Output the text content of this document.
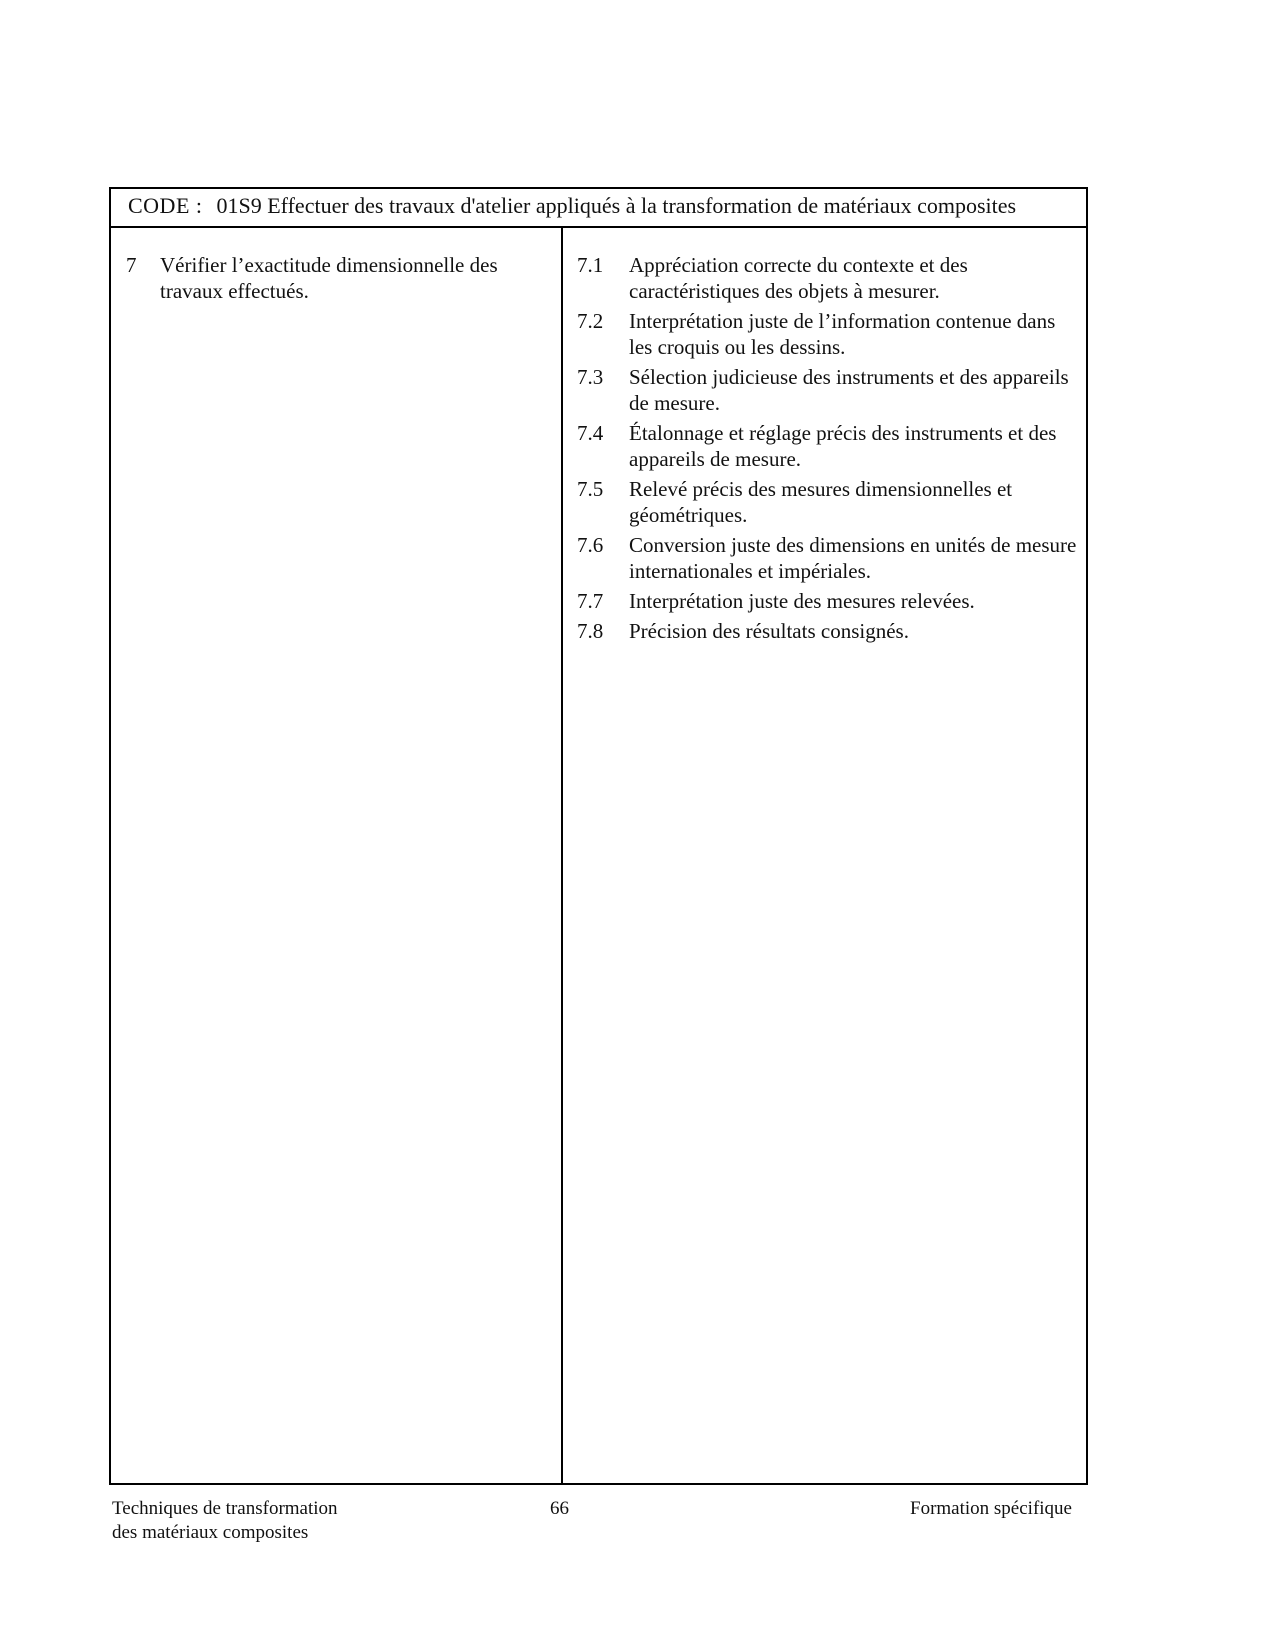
CODE : 01S9 Effectuer des travaux d'atelier appliqués à la transformation de matériaux composites
7	Vérifier l’exactitude dimensionnelle des travaux effectués.
7.1	Appréciation correcte du contexte et des caractéristiques des objets à mesurer.
7.2	Interprétation juste de l’information contenue dans les croquis ou les dessins.
7.3	Sélection judicieuse des instruments et des appareils de mesure.
7.4	Étalonnage et réglage précis des instruments et des appareils de mesure.
7.5	Relevé précis des mesures dimensionnelles et géométriques.
7.6	Conversion juste des dimensions en unités de mesure internationales et impériales.
7.7	Interprétation juste des mesures relevées.
7.8	Précision des résultats consignés.
Techniques de transformation
des matériaux composites
66	Formation spécifique
